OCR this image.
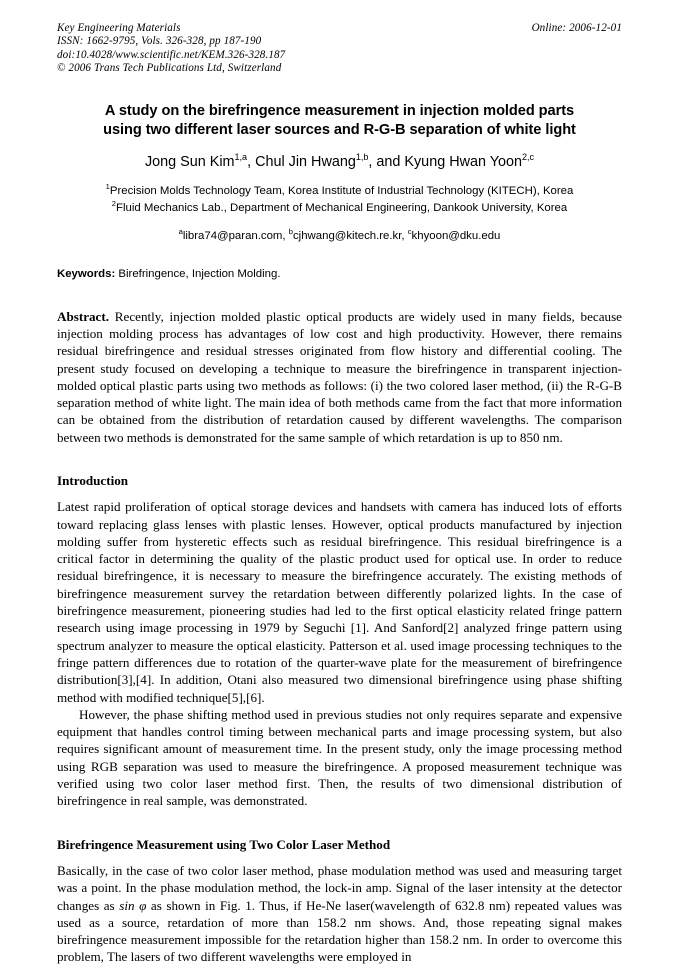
Key Engineering Materials
ISSN: 1662-9795, Vols. 326-328, pp 187-190
doi:10.4028/www.scientific.net/KEM.326-328.187
© 2006 Trans Tech Publications Ltd, Switzerland
Online: 2006-12-01
A study on the birefringence measurement in injection molded parts
using two different laser sources and R-G-B separation of white light
Jong Sun Kim$^{1,a}$, Chul Jin Hwang$^{1,b}$, and Kyung Hwan Yoon$^{2,c}$
$^1$Precision Molds Technology Team, Korea Institute of Industrial Technology (KITECH), Korea
$^2$Fluid Mechanics Lab., Department of Mechanical Engineering, Dankook University, Korea
$^a$libra74@paran.com, $^b$cjhwang@kitech.re.kr, $^c$khyoon@dku.edu
Keywords: Birefringence, Injection Molding.

Abstract. Recently, injection molded plastic optical products are widely used in many fields, because injection molding process has advantages of low cost and high productivity. However, there remains residual birefringence and residual stresses originated from flow history and differential cooling. The present study focused on developing a technique to measure the birefringence in transparent injection-molded optical plastic parts using two methods as follows: (i) the two colored laser method, (ii) the R-G-B separation method of white light. The main idea of both methods came from the fact that more information can be obtained from the distribution of retardation caused by different wavelengths. The comparison between two methods is demonstrated for the same sample of which retardation is up to 850 nm.

Introduction

Latest rapid proliferation of optical storage devices and handsets with camera has induced lots of efforts toward replacing glass lenses with plastic lenses. However, optical products manufactured by injection molding suffer from hysteretic effects such as residual birefringence. This residual birefringence is a critical factor in determining the quality of the plastic product used for optical use. In order to reduce residual birefringence, it is necessary to measure the birefringence accurately. The existing methods of birefringence measurement survey the retardation between differently polarized lights. In the case of birefringence measurement, pioneering studies had led to the first optical elasticity related fringe pattern research using image processing in 1979 by Seguchi [1]. And Sanford[2] analyzed fringe pattern using spectrum analyzer to measure the optical elasticity. Patterson et al. used image processing techniques to the fringe pattern differences due to rotation of the quarter-wave plate for the measurement of birefringence distribution[3],[4]. In addition, Otani also measured two dimensional birefringence using phase shifting method with modified technique[5],[6].

However, the phase shifting method used in previous studies not only requires separate and expensive equipment that handles control timing between mechanical parts and image processing system, but also requires significant amount of measurement time. In the present study, only the image processing method using RGB separation was used to measure the birefringence. A proposed measurement technique was verified using two color laser method first. Then, the results of two dimensional distribution of birefringence in real sample, was demonstrated.

Birefringence Measurement using Two Color Laser Method

Basically, in the case of two color laser method, phase modulation method was used and measuring target was a point. In the phase modulation method, the lock-in amp. Signal of the laser intensity at the detector changes as sin φ as shown in Fig. 1. Thus, if He-Ne laser(wavelength of 632.8 nm) repeated values was used as a source, retardation of more than 158.2 nm shows. And, those repeating signal makes birefringence measurement impossible for the retardation higher than 158.2 nm. In order to overcome this problem, The lasers of two different wavelengths were employed in
